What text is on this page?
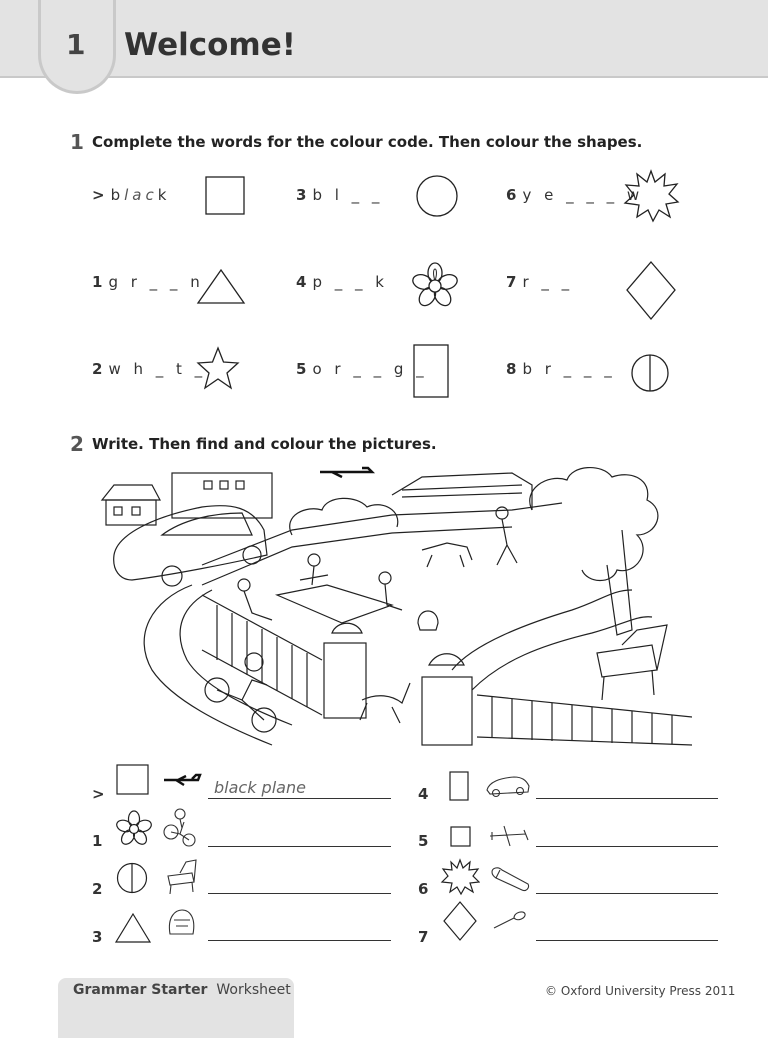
1 Welcome!
1 Complete the words for the colour code. Then colour the shapes.
> black
1 g r _ _ n
2 w h _ t _
3 b l _ _
4 p _ _ k
5 o r _ _ g _
6 y e _ _ _ w
7 r _ _
8 b r _ _ _
2 Write. Then find and colour the pictures.
>	black plane
1
2
3
4
5
6
7
Grammar Starter Worksheet	© Oxford University Press 2011
